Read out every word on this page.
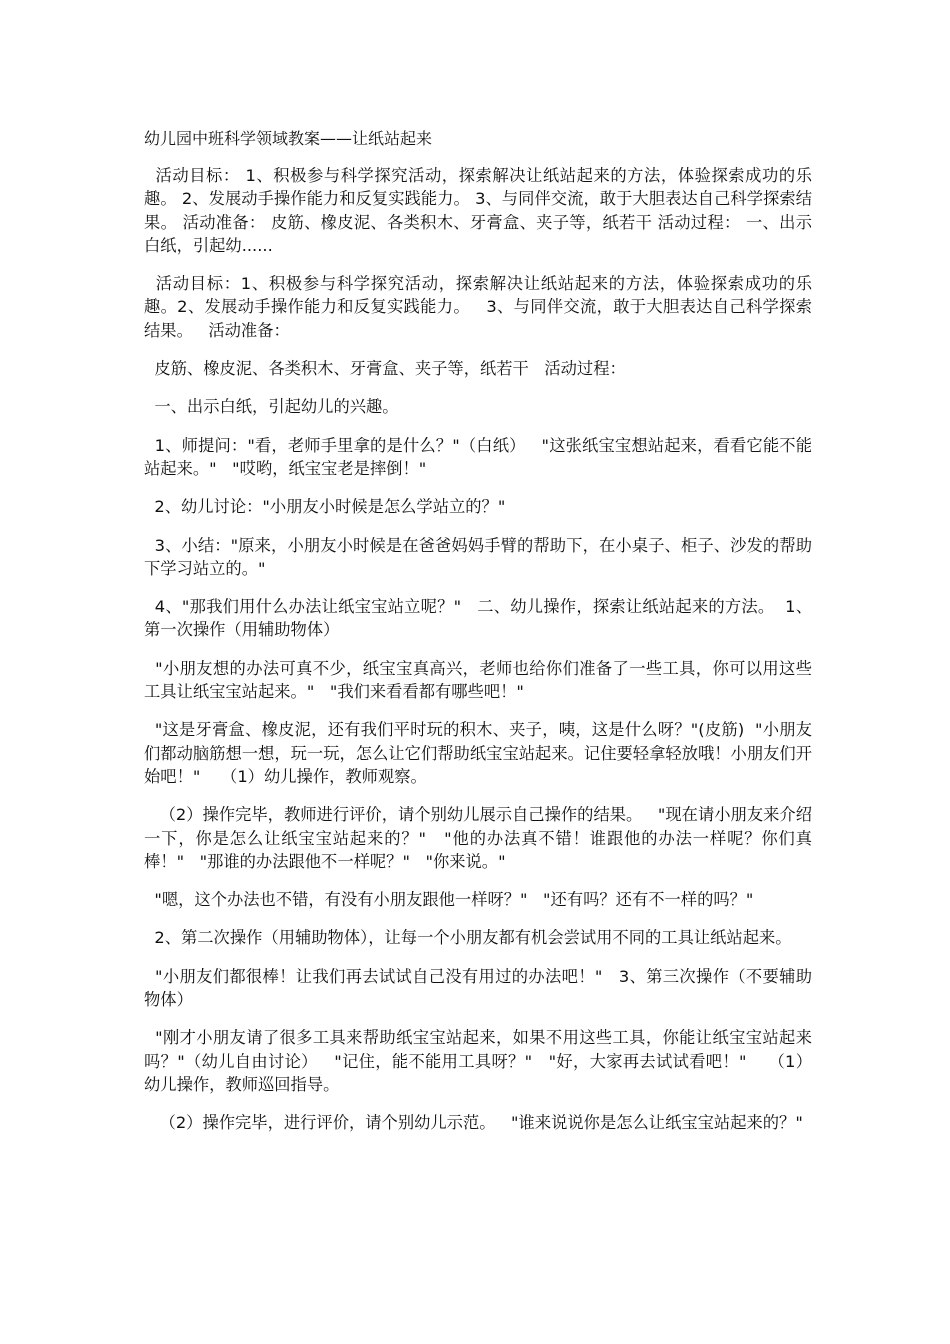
幼儿园中班科学领域教案——让纸站起来

活动目标： 1、积极参与科学探究活动，探索解决让纸站起来的方法，体验探索成功的乐趣。 2、发展动手操作能力和反复实践能力。 3、与同伴交流，敢于大胆表达自己科学探索结果。 活动准备： 皮筋、橡皮泥、各类积木、牙膏盒、夹子等，纸若干 活动过程： 一、出示白纸，引起幼......

活动目标：1、积极参与科学探究活动，探索解决让纸站起来的方法，体验探索成功的乐趣。2、发展动手操作能力和反复实践能力。   3、与同伴交流，敢于大胆表达自己科学探索结果。   活动准备：

皮筋、橡皮泥、各类积木、牙膏盒、夹子等，纸若干   活动过程：

一、出示白纸，引起幼儿的兴趣。

1、师提问："看，老师手里拿的是什么？"（白纸）   "这张纸宝宝想站起来，看看它能不能站起来。"   "哎哟，纸宝宝老是摔倒！"

2、幼儿讨论："小朋友小时候是怎么学站立的？"

3、小结："原来，小朋友小时候是在爸爸妈妈手臂的帮助下，在小桌子、柜子、沙发的帮助下学习站立的。"

4、"那我们用什么办法让纸宝宝站立呢？"   二、幼儿操作，探索让纸站起来的方法。  1、第一次操作（用辅助物体）

"小朋友想的办法可真不少，纸宝宝真高兴，老师也给你们准备了一些工具，你可以用这些工具让纸宝宝站起来。"   "我们来看看都有哪些吧！"

"这是牙膏盒、橡皮泥，还有我们平时玩的积木、夹子，咦，这是什么呀？"(皮筋)  "小朋友们都动脑筋想一想，玩一玩，怎么让它们帮助纸宝宝站起来。记住要轻拿轻放哦！小朋友们开始吧！"    （1）幼儿操作，教师观察。

（2）操作完毕，教师进行评价，请个别幼儿展示自己操作的结果。   "现在请小朋友来介绍一下，你是怎么让纸宝宝站起来的？"   "他的办法真不错！谁跟他的办法一样呢？你们真棒！"   "那谁的办法跟他不一样呢？"   "你来说。"

"嗯，这个办法也不错，有没有小朋友跟他一样呀？"   "还有吗？还有不一样的吗？"

2、第二次操作（用辅助物体），让每一个小朋友都有机会尝试用不同的工具让纸站起来。

"小朋友们都很棒！让我们再去试试自己没有用过的办法吧！"   3、第三次操作（不要辅助物体）

"刚才小朋友请了很多工具来帮助纸宝宝站起来，如果不用这些工具，你能让纸宝宝站起来吗？"（幼儿自由讨论）   "记住，能不能用工具呀？"   "好，大家再去试试看吧！"    （1）幼儿操作，教师巡回指导。

（2）操作完毕，进行评价，请个别幼儿示范。   "谁来说说你是怎么让纸宝宝站起来的？"
